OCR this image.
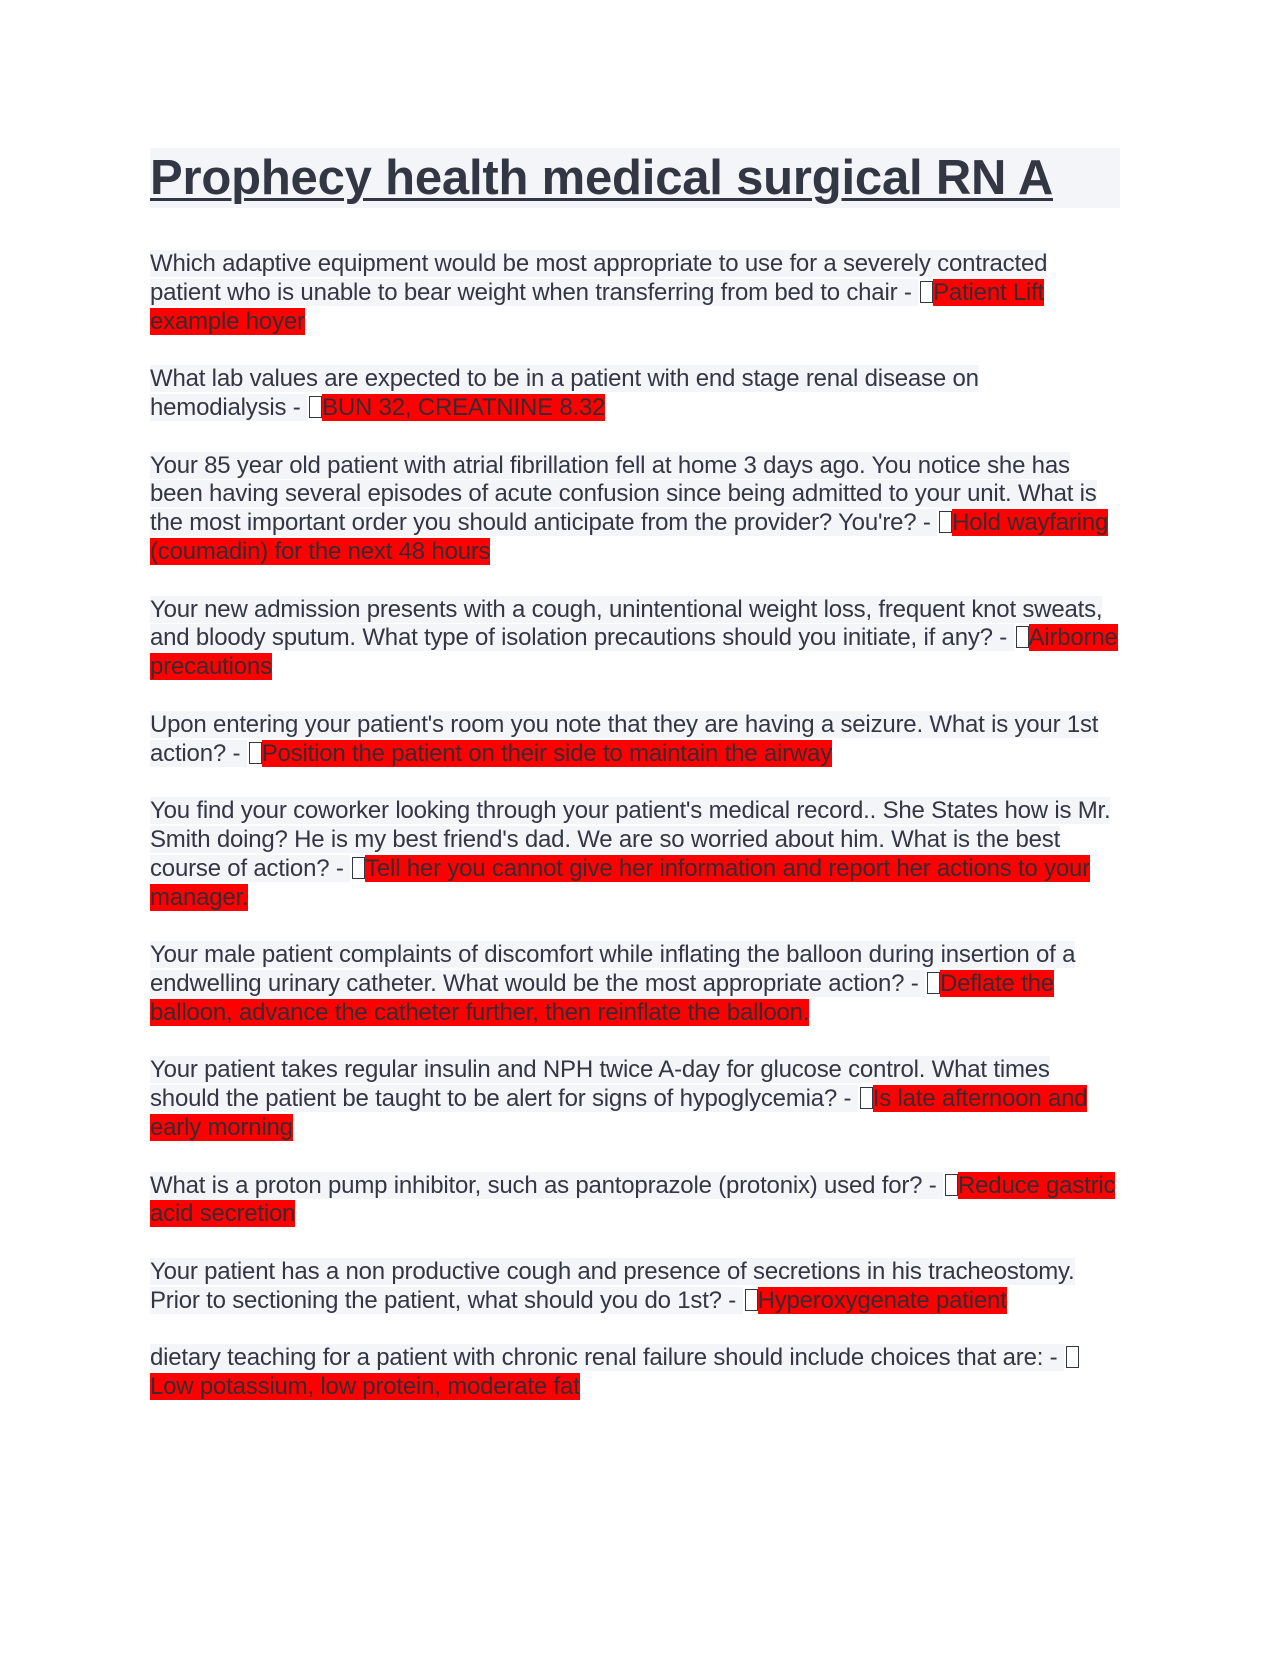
Prophecy health medical surgical RN A

Which adaptive equipment would be most appropriate to use for a severely contracted patient who is unable to bear weight when transferring from bed to chair - Patient Lift example hoyer

What lab values are expected to be in a patient with end stage renal disease on hemodialysis - BUN 32, CREATNINE 8.32

Your 85 year old patient with atrial fibrillation fell at home 3 days ago. You notice she has been having several episodes of acute confusion since being admitted to your unit. What is the most important order you should anticipate from the provider? You're? - Hold wayfaring (coumadin) for the next 48 hours

Your new admission presents with a cough, unintentional weight loss, frequent knot sweats, and bloody sputum. What type of isolation precautions should you initiate, if any? - Airborne precautions

Upon entering your patient's room you note that they are having a seizure. What is your 1st action? - Position the patient on their side to maintain the airway

You find your coworker looking through your patient's medical record.. She States how is Mr. Smith doing? He is my best friend's dad. We are so worried about him. What is the best course of action? - Tell her you cannot give her information and report her actions to your manager.

Your male patient complaints of discomfort while inflating the balloon during insertion of a endwelling urinary catheter. What would be the most appropriate action? - Deflate the balloon, advance the catheter further, then reinflate the balloon.

Your patient takes regular insulin and NPH twice A-day for glucose control. What times should the patient be taught to be alert for signs of hypoglycemia? - Is late afternoon and early morning

What is a proton pump inhibitor, such as pantoprazole (protonix) used for? - Reduce gastric acid secretion

Your patient has a non productive cough and presence of secretions in his tracheostomy. Prior to sectioning the patient, what should you do 1st? - Hyperoxygenate patient

dietary teaching for a patient with chronic renal failure should include choices that are: - Low potassium, low protein, moderate fat
